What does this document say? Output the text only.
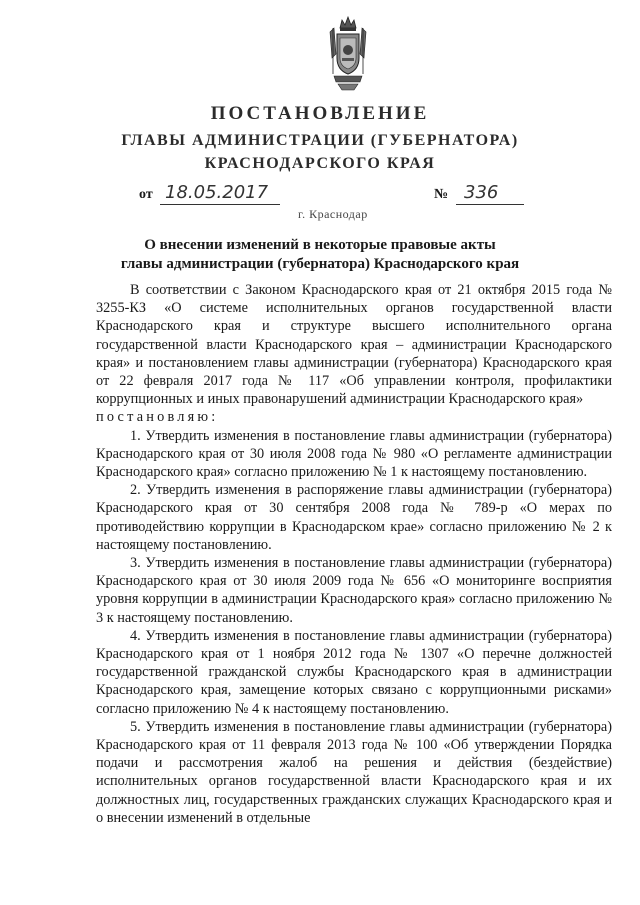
ПОСТАНОВЛЕНИЕ
ГЛАВЫ АДМИНИСТРАЦИИ (ГУБЕРНАТОРА)
КРАСНОДАРСКОГО КРАЯ
от 18.05.2017	№ 336
г. Краснодар
О внесении изменений в некоторые правовые акты
главы администрации (губернатора) Краснодарского края

В соответствии с Законом Краснодарского края от 21 октября 2015 года № 3255-КЗ «О системе исполнительных органов государственной власти Краснодарского края и структуре высшего исполнительного органа государственной власти Краснодарского края – администрации Краснодарского края» и постановлением главы администрации (губернатора) Краснодарского края от 22 февраля 2017 года № 117 «Об управлении контроля, профилактики коррупционных и иных правонарушений администрации Краснодарского края»

постановляю:

1. Утвердить изменения в постановление главы администрации (губернатора) Краснодарского края от 30 июля 2008 года № 980 «О регламенте администрации Краснодарского края» согласно приложению № 1 к настоящему постановлению.

2. Утвердить изменения в распоряжение главы администрации (губернатора) Краснодарского края от 30 сентября 2008 года № 789-р «О мерах по противодействию коррупции в Краснодарском крае» согласно приложению № 2 к настоящему постановлению.

3. Утвердить изменения в постановление главы администрации (губернатора) Краснодарского края от 30 июля 2009 года № 656 «О мониторинге восприятия уровня коррупции в администрации Краснодарского края» согласно приложению № 3 к настоящему постановлению.

4. Утвердить изменения в постановление главы администрации (губернатора) Краснодарского края от 1 ноября 2012 года № 1307 «О перечне должностей государственной гражданской службы Краснодарского края в администрации Краснодарского края, замещение которых связано с коррупционными рисками» согласно приложению № 4 к настоящему постановлению.

5. Утвердить изменения в постановление главы администрации (губернатора) Краснодарского края от 11 февраля 2013 года № 100 «Об утверждении Порядка подачи и рассмотрения жалоб на решения и действия (бездействие) исполнительных органов государственной власти Краснодарского края и их должностных лиц, государственных гражданских служащих Краснодарского края и о внесении изменений в отдельные
